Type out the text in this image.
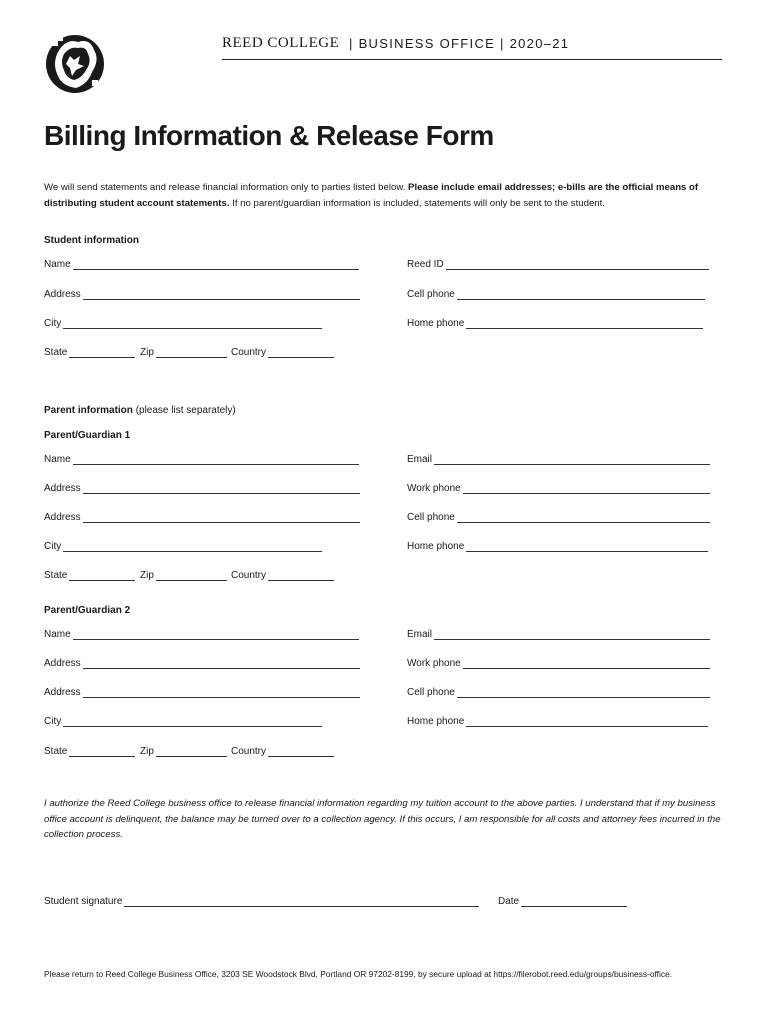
REED COLLEGE | BUSINESS OFFICE | 2020–21
Billing Information & Release Form
We will send statements and release financial information only to parties listed below. Please include email addresses; e-bills are the official means of distributing student account statements. If no parent/guardian information is included, statements will only be sent to the student.
Student information
Name	Reed ID
Address	Cell phone
City	Home phone
State	Zip	Country
Parent information (please list separately)
Parent/Guardian 1
Name	Email
Address	Work phone
Address	Cell phone
City	Home phone
State	Zip	Country
Parent/Guardian 2
Name	Email
Address	Work phone
Address	Cell phone
City	Home phone
State	Zip	Country
I authorize the Reed College business office to release financial information regarding my tuition account to the above parties. I understand that if my business office account is delinquent, the balance may be turned over to a collection agency. If this occurs, I am responsible for all costs and attorney fees incurred in the collection process.
Student signature	Date
Please return to Reed College Business Office, 3203 SE Woodstock Blvd, Portland OR 97202-8199, by secure upload at https://filerobot.reed.edu/groups/business-office.
